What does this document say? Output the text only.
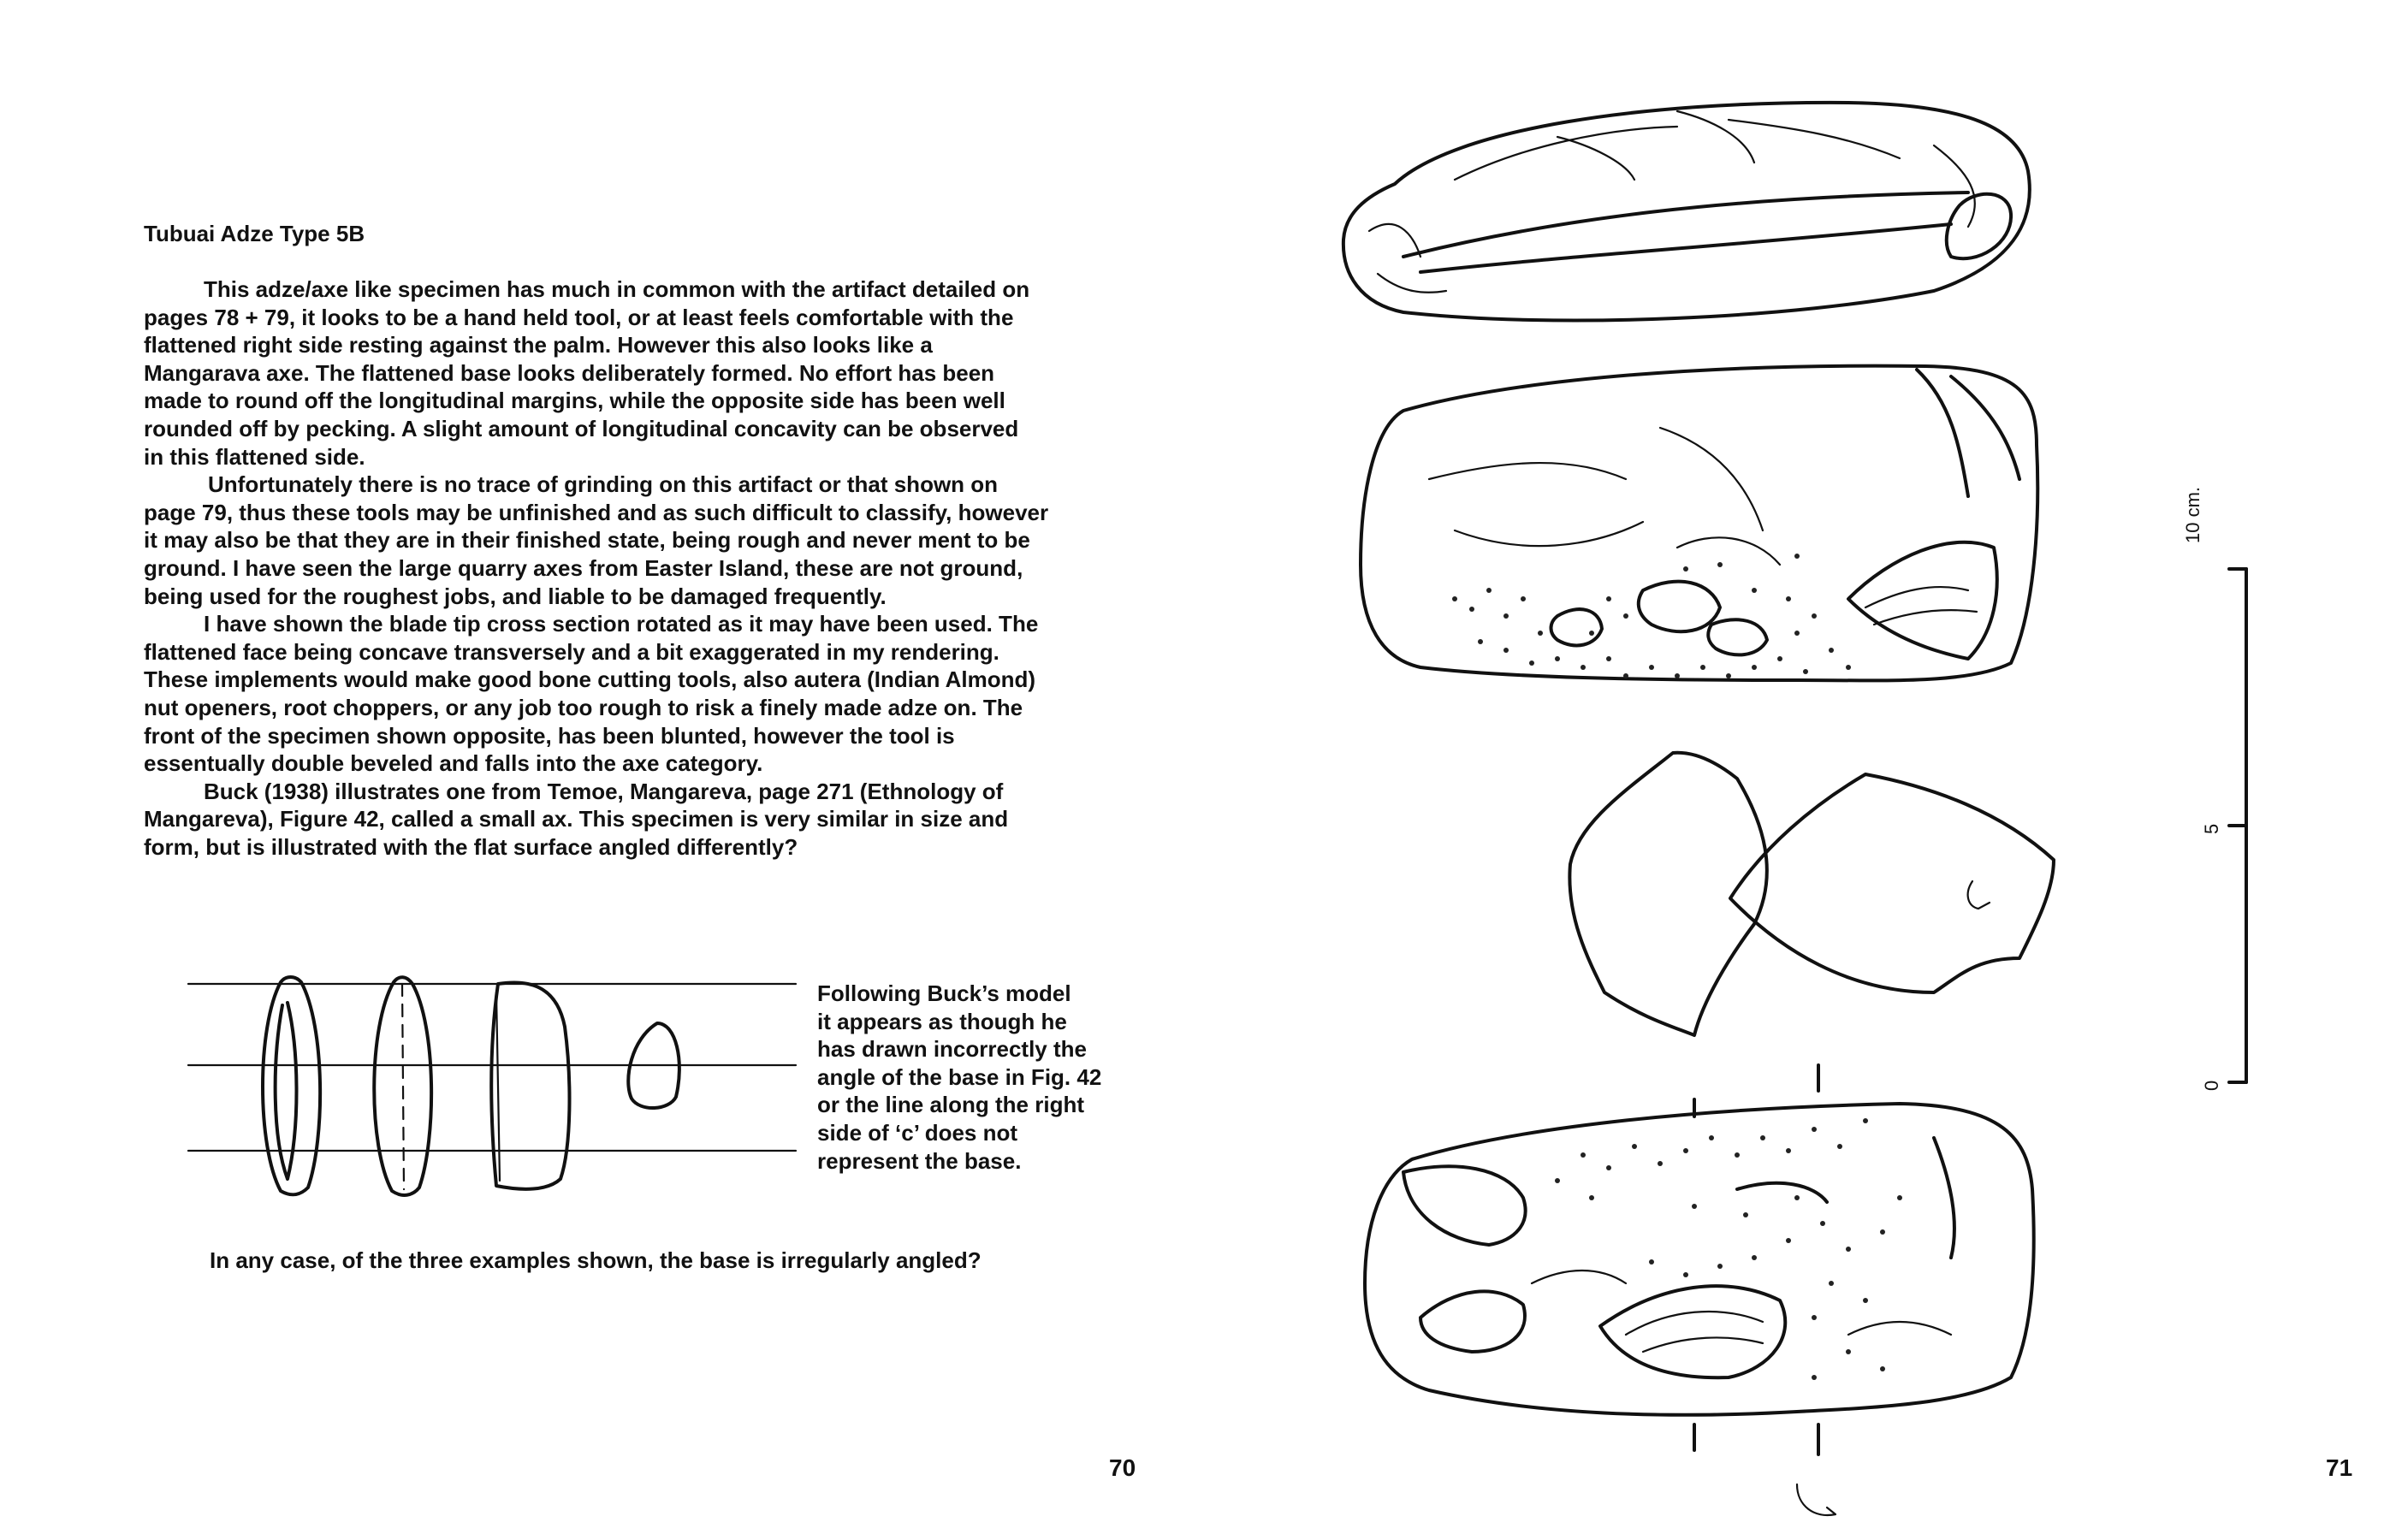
Tubuai Adze Type 5B

This adze/axe like specimen has much in common with the artifact detailed on

pages 78 + 79, it looks to be a hand held tool, or at least feels comfortable with the

flattened right side resting against the palm. However this also looks like a

Mangarava axe. The flattened base looks deliberately formed. No effort has been

made to round off the longitudinal margins, while the opposite side has been well

rounded off by pecking. A slight amount of longitudinal concavity can be observed

in this flattened side.

Unfortunately there is no trace of grinding on this artifact or that shown on

page 79, thus these tools may be unfinished and as such difficult to classify, however

it may also be that they are in their finished state, being rough and never ment to be

ground. I have seen the large quarry axes from Easter Island, these are not ground,

being used for the roughest jobs, and liable to be damaged frequently.

I have shown the blade tip cross section rotated as it may have been used. The

flattened face being concave transversely and a bit exaggerated in my rendering.

These implements would make good bone cutting tools, also autera (Indian Almond)

nut openers, root choppers, or any job too rough to risk a finely made adze on. The

front of the specimen shown opposite, has been blunted, however the tool is

essentually double beveled and falls into the axe category.

Buck (1938) illustrates one from Temoe, Mangareva, page 271 (Ethnology of

Mangareva), Figure 42, called a small ax. This specimen is very similar in size and

form, but is illustrated with the flat surface angled differently?

Following Buck’s model

it appears as though he

has drawn incorrectly the

angle of the base in Fig. 42

or the line along the right

side of ‘c’ does not

represent the base.

In any case, of the three examples shown, the base is irregularly angled?
70
10 cm.
5
0
71
